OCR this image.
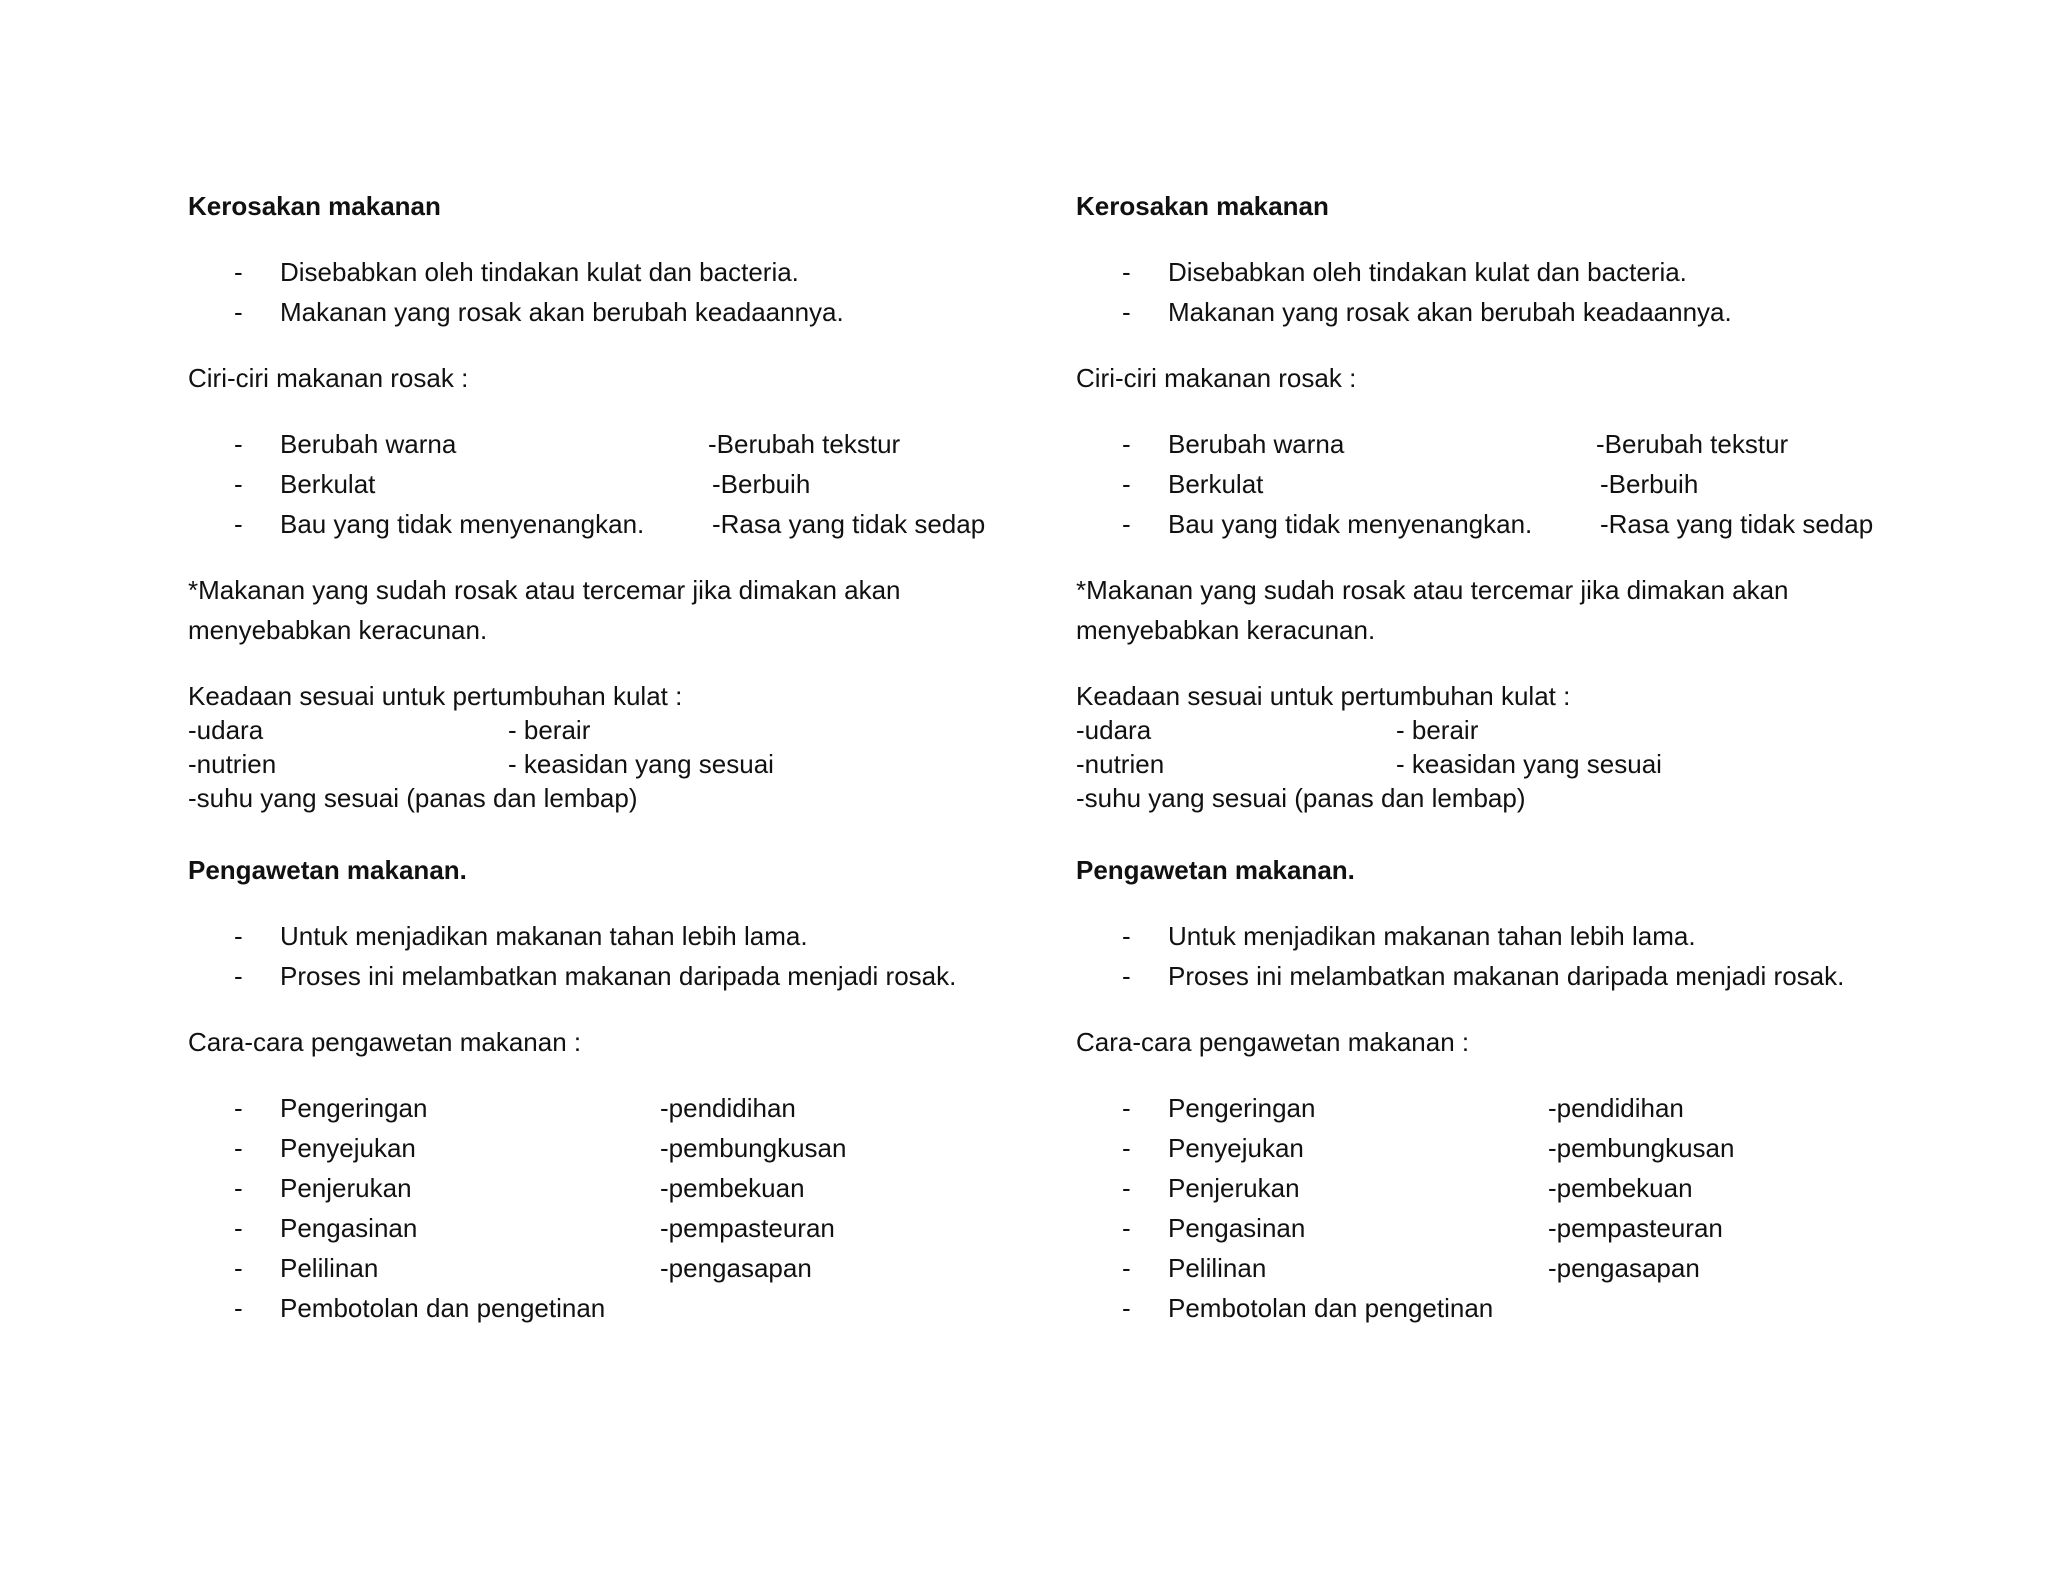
Kerosakan makanan
- Disebabkan oleh tindakan kulat dan bacteria.
- Makanan yang rosak akan berubah keadaannya.
Ciri-ciri makanan rosak :
- Berubah warna	-Berubah tekstur
- Berkulat	-Berbuih
- Bau yang tidak menyenangkan.	-Rasa yang tidak sedap
*Makanan yang sudah rosak atau tercemar jika dimakan akan
menyebabkan keracunan.
Keadaan sesuai untuk pertumbuhan kulat :
-udara	- berair
-nutrien	- keasidan yang sesuai
-suhu yang sesuai (panas dan lembap)
Pengawetan makanan.
- Untuk menjadikan makanan tahan lebih lama.
- Proses ini melambatkan makanan daripada menjadi rosak.
Cara-cara pengawetan makanan :
- Pengeringan	-pendidihan
- Penyejukan	-pembungkusan
- Penjerukan	-pembekuan
- Pengasinan	-pempasteuran
- Pelilinan	-pengasapan
- Pembotolan dan pengetinan
Kerosakan makanan
- Disebabkan oleh tindakan kulat dan bacteria.
- Makanan yang rosak akan berubah keadaannya.
Ciri-ciri makanan rosak :
- Berubah warna	-Berubah tekstur
- Berkulat	-Berbuih
- Bau yang tidak menyenangkan.	-Rasa yang tidak sedap
*Makanan yang sudah rosak atau tercemar jika dimakan akan
menyebabkan keracunan.
Keadaan sesuai untuk pertumbuhan kulat :
-udara	- berair
-nutrien	- keasidan yang sesuai
-suhu yang sesuai (panas dan lembap)
Pengawetan makanan.
- Untuk menjadikan makanan tahan lebih lama.
- Proses ini melambatkan makanan daripada menjadi rosak.
Cara-cara pengawetan makanan :
- Pengeringan	-pendidihan
- Penyejukan	-pembungkusan
- Penjerukan	-pembekuan
- Pengasinan	-pempasteuran
- Pelilinan	-pengasapan
- Pembotolan dan pengetinan
